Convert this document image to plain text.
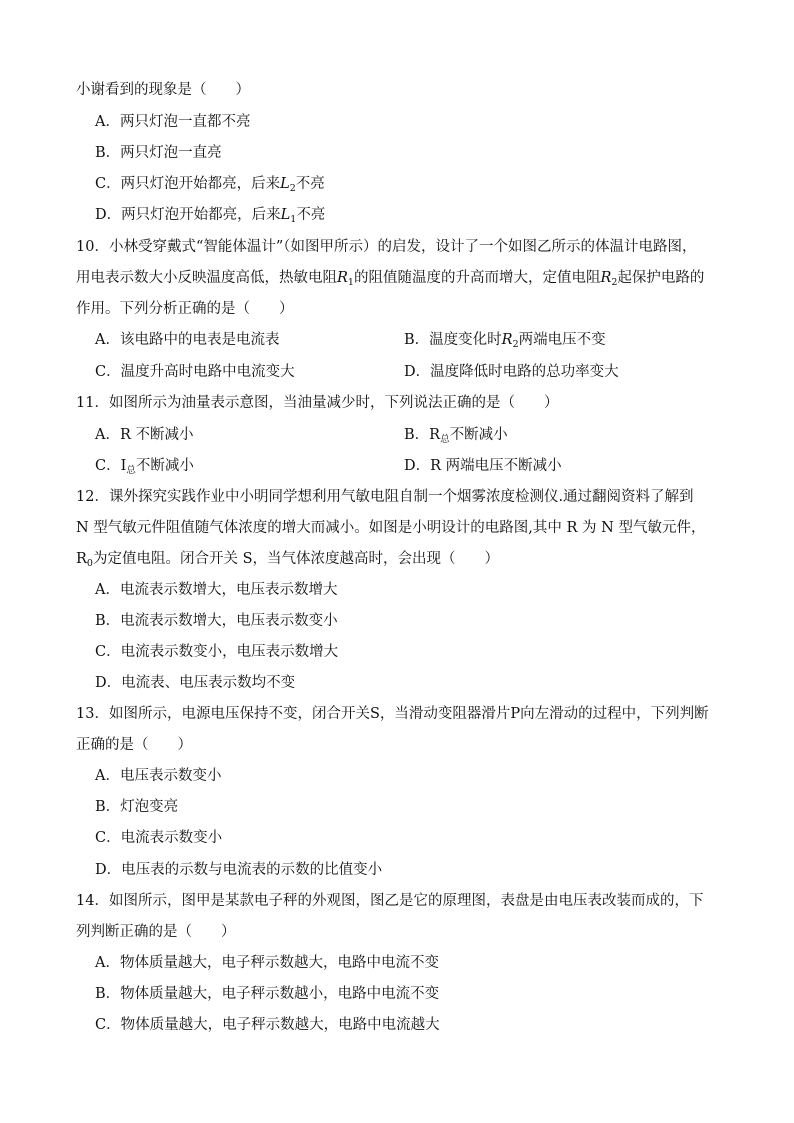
小谢看到的现象是（　　）
A．两只灯泡一直都不亮
B．两只灯泡一直亮
C．两只灯泡开始都亮，后来$L_2$不亮
D．两只灯泡开始都亮，后来$L_1$不亮
10．小林受穿戴式“智能体温计”（如图甲所示）的启发，设计了一个如图乙所示的体温计电路图，
用电表示数大小反映温度高低，热敏电阻$R_1$的阻值随温度的升高而增大，定值电阻$R_2$起保护电路的
作用。下列分析正确的是（　　）
A．该电路中的电表是电流表	B．温度变化时$R_2$两端电压不变
C．温度升高时电路中电流变大	D．温度降低时电路的总功率变大
11．如图所示为油量表示意图，当油量减少时，下列说法正确的是（　　）
A．R 不断减小	B．$R_总$不断减小
C．$I_总$不断减小	D．R 两端电压不断减小
12．课外探究实践作业中小明同学想利用气敏电阻自制一个烟雾浓度检测仪.通过翻阅资料了解到
N 型气敏元件阻值随气体浓度的增大而减小。如图是小明设计的电路图,其中 R 为 N 型气敏元件，
$R_0$为定值电阻。闭合开关 S，当气体浓度越高时，会出现（　　）
A．电流表示数增大，电压表示数增大
B．电流表示数增大，电压表示数变小
C．电流表示数变小，电压表示数增大
D．电流表、电压表示数均不变
13．如图所示，电源电压保持不变，闭合开关S，当滑动变阻器滑片P向左滑动的过程中，下列判断
正确的是（　　）
A．电压表示数变小
B．灯泡变亮
C．电流表示数变小
D．电压表的示数与电流表的示数的比值变小
14．如图所示，图甲是某款电子秤的外观图，图乙是它的原理图，表盘是由电压表改装而成的，下
列判断正确的是（　　）
A．物体质量越大，电子秤示数越大，电路中电流不变
B．物体质量越大，电子秤示数越小，电路中电流不变
C．物体质量越大，电子秤示数越大，电路中电流越大
